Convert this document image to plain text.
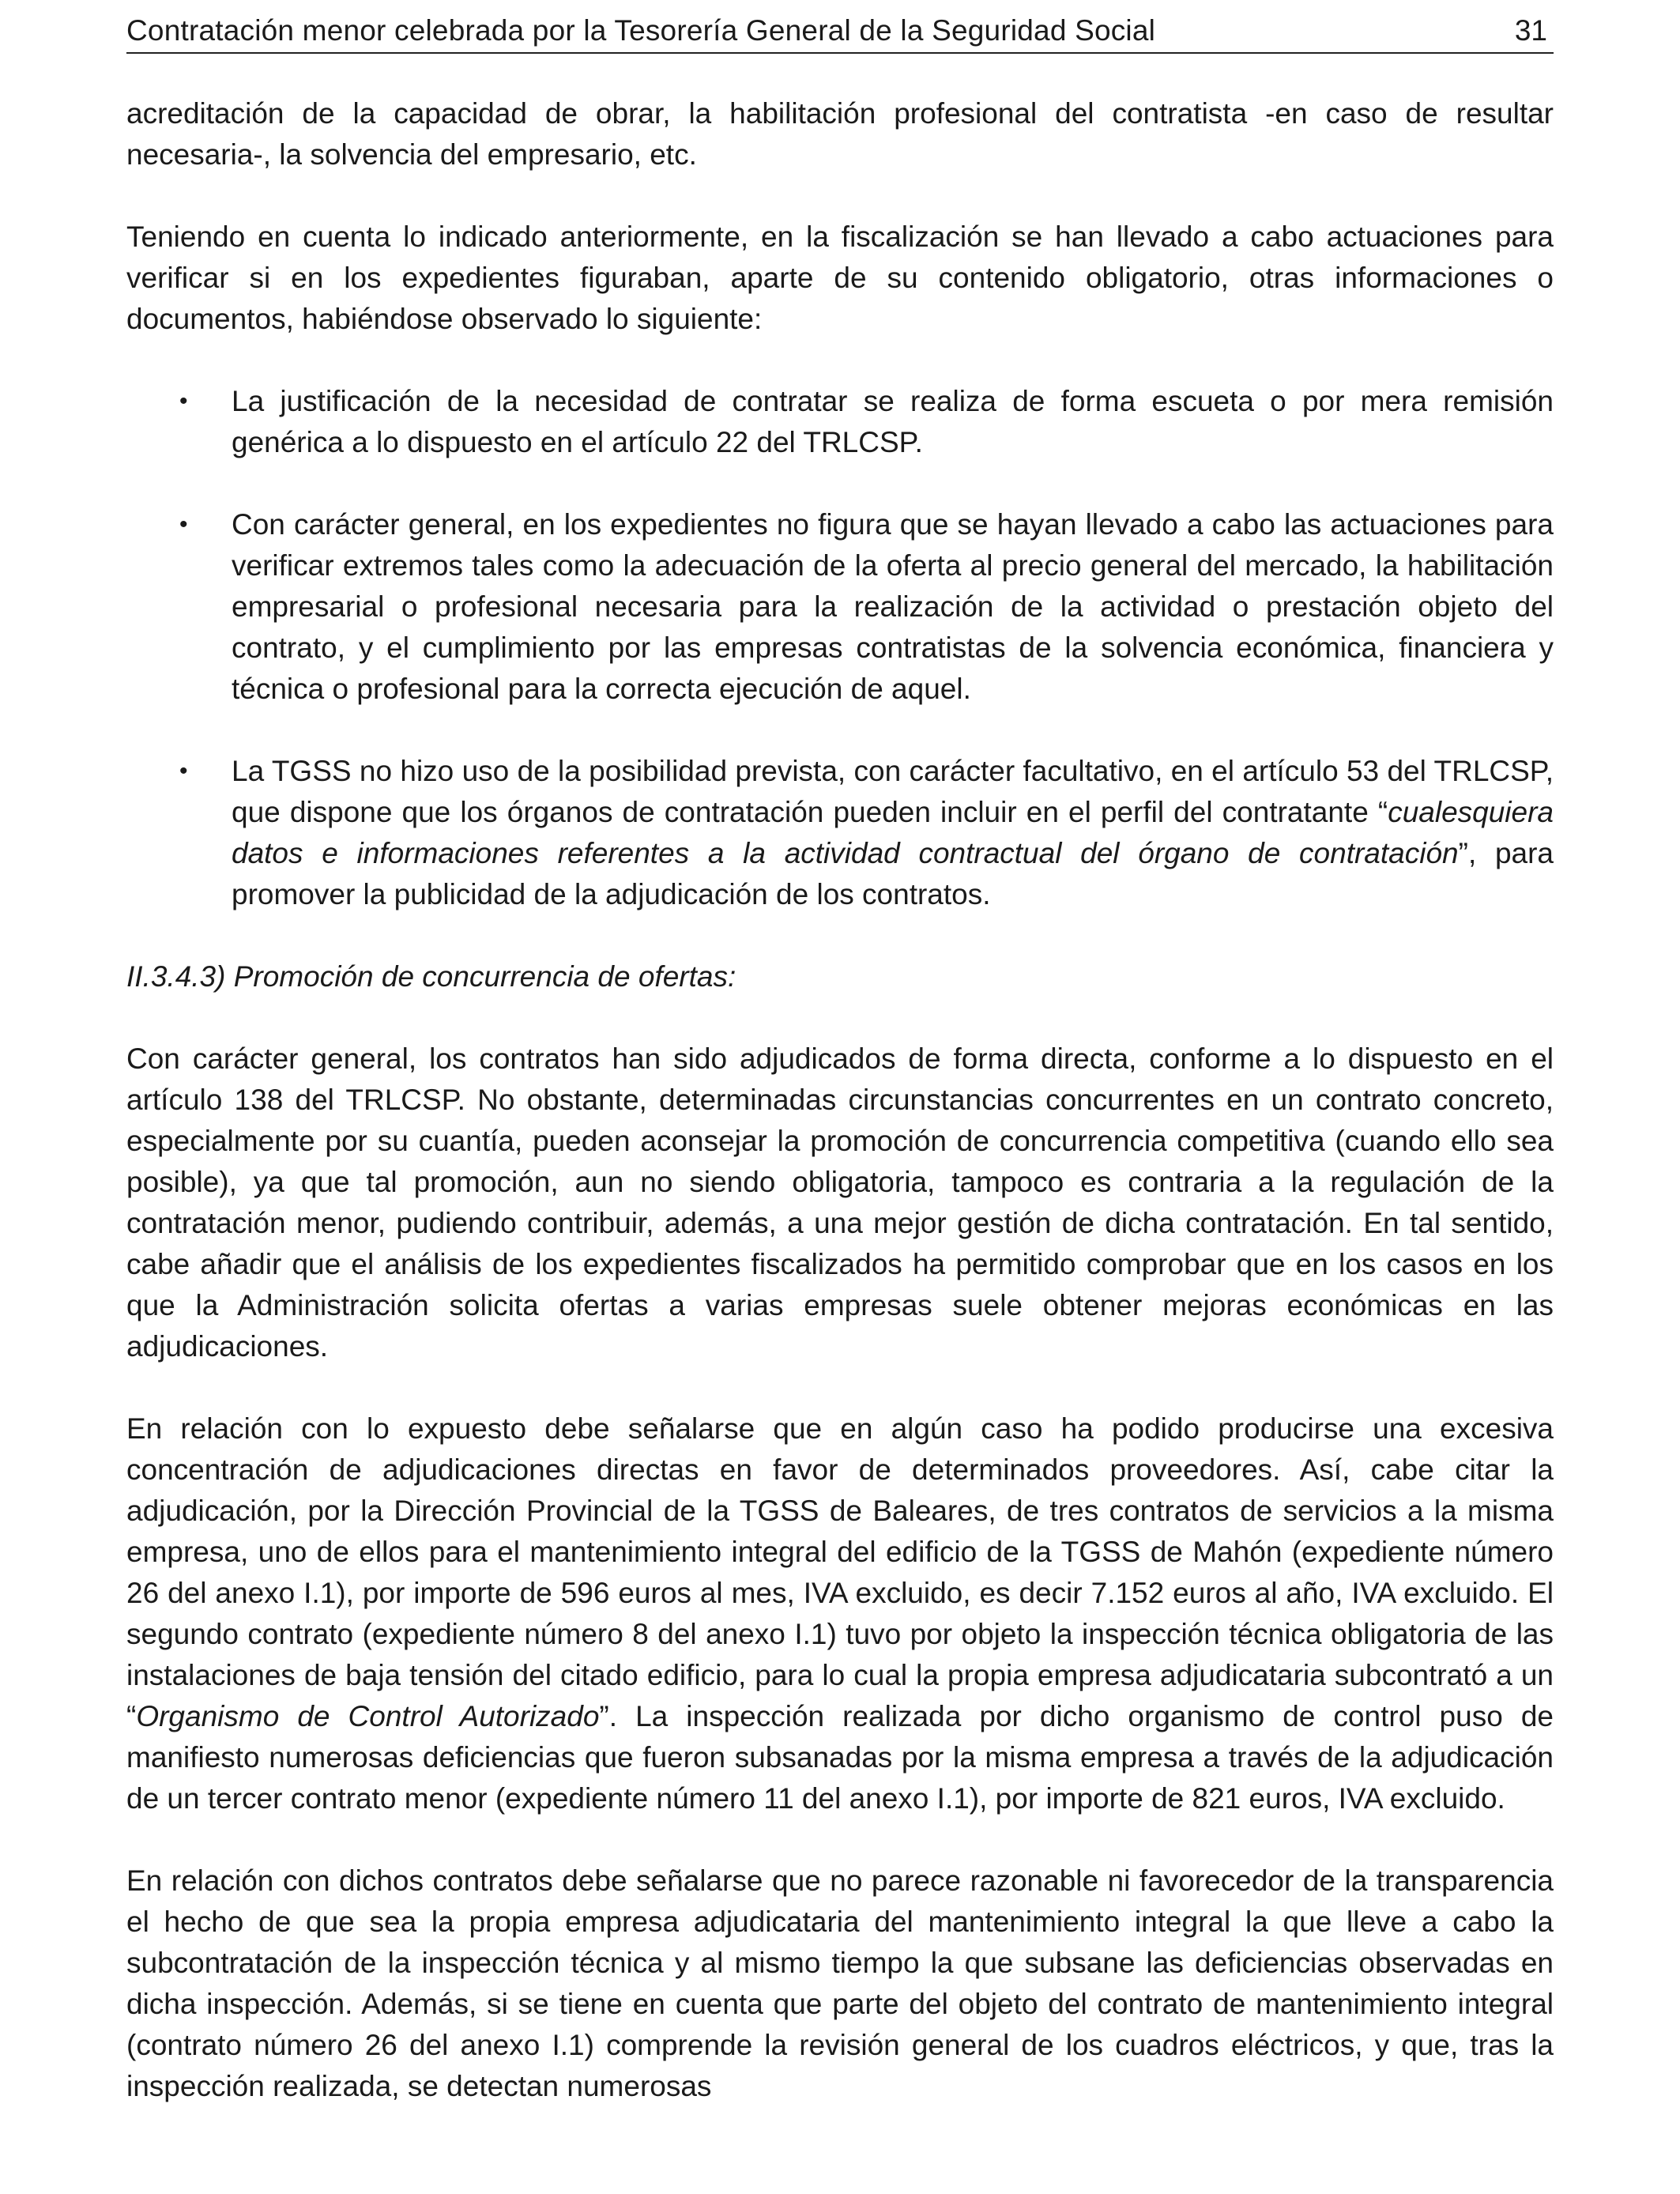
Contratación menor celebrada por la Tesorería General de la Seguridad Social	31

acreditación de la capacidad de obrar, la habilitación profesional del contratista -en caso de resultar necesaria-, la solvencia del empresario, etc.

Teniendo en cuenta lo indicado anteriormente, en la fiscalización se han llevado a cabo actuaciones para verificar si en los expedientes figuraban, aparte de su contenido obligatorio, otras informaciones o documentos, habiéndose observado lo siguiente:

• La justificación de la necesidad de contratar se realiza de forma escueta o por mera remisión genérica a lo dispuesto en el artículo 22 del TRLCSP.
• Con carácter general, en los expedientes no figura que se hayan llevado a cabo las actuaciones para verificar extremos tales como la adecuación de la oferta al precio general del mercado, la habilitación empresarial o profesional necesaria para la realización de la actividad o prestación objeto del contrato, y el cumplimiento por las empresas contratistas de la solvencia económica, financiera y técnica o profesional para la correcta ejecución de aquel.
• La TGSS no hizo uso de la posibilidad prevista, con carácter facultativo, en el artículo 53 del TRLCSP, que dispone que los órganos de contratación pueden incluir en el perfil del contratante “cualesquiera datos e informaciones referentes a la actividad contractual del órgano de contratación”, para promover la publicidad de la adjudicación de los contratos.

II.3.4.3) Promoción de concurrencia de ofertas:

Con carácter general, los contratos han sido adjudicados de forma directa, conforme a lo dispuesto en el artículo 138 del TRLCSP. No obstante, determinadas circunstancias concurrentes en un contrato concreto, especialmente por su cuantía, pueden aconsejar la promoción de concurrencia competitiva (cuando ello sea posible), ya que tal promoción, aun no siendo obligatoria, tampoco es contraria a la regulación de la contratación menor, pudiendo contribuir, además, a una mejor gestión de dicha contratación. En tal sentido, cabe añadir que el análisis de los expedientes fiscalizados ha permitido comprobar que en los casos en los que la Administración solicita ofertas a varias empresas suele obtener mejoras económicas en las adjudicaciones.

En relación con lo expuesto debe señalarse que en algún caso ha podido producirse una excesiva concentración de adjudicaciones directas en favor de determinados proveedores. Así, cabe citar la adjudicación, por la Dirección Provincial de la TGSS de Baleares, de tres contratos de servicios a la misma empresa, uno de ellos para el mantenimiento integral del edificio de la TGSS de Mahón (expediente número 26 del anexo I.1), por importe de 596 euros al mes, IVA excluido, es decir 7.152 euros al año, IVA excluido. El segundo contrato (expediente número 8 del anexo I.1) tuvo por objeto la inspección técnica obligatoria de las instalaciones de baja tensión del citado edificio, para lo cual la propia empresa adjudicataria subcontrató a un “Organismo de Control Autorizado”. La inspección realizada por dicho organismo de control puso de manifiesto numerosas deficiencias que fueron subsanadas por la misma empresa a través de la adjudicación de un tercer contrato menor (expediente número 11 del anexo I.1), por importe de 821 euros, IVA excluido.

En relación con dichos contratos debe señalarse que no parece razonable ni favorecedor de la transparencia el hecho de que sea la propia empresa adjudicataria del mantenimiento integral la que lleve a cabo la subcontratación de la inspección técnica y al mismo tiempo la que subsane las deficiencias observadas en dicha inspección. Además, si se tiene en cuenta que parte del objeto del contrato de mantenimiento integral (contrato número 26 del anexo I.1) comprende la revisión general de los cuadros eléctricos, y que, tras la inspección realizada, se detectan numerosas
